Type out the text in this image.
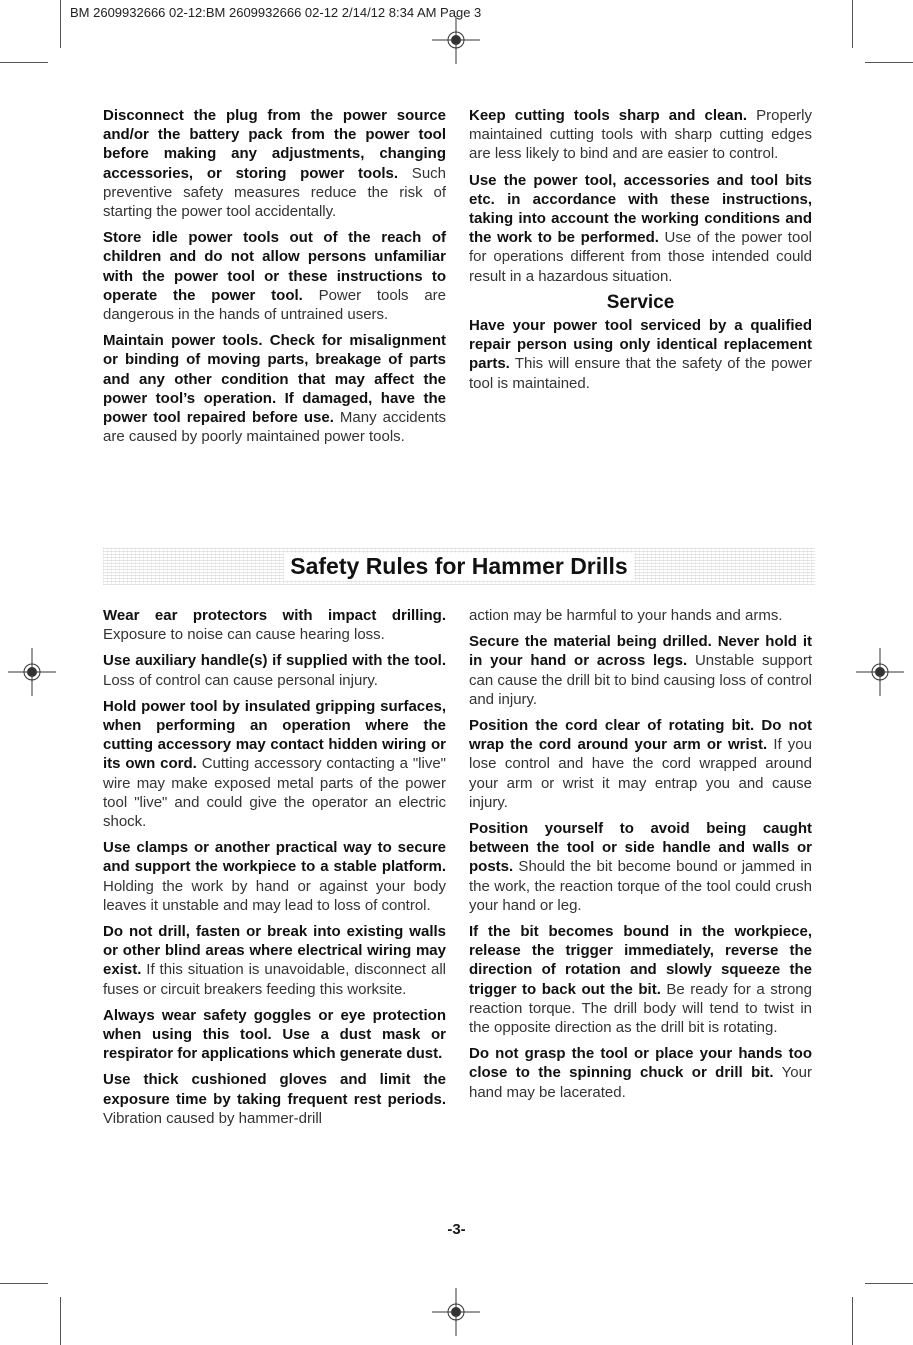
BM 2609932666 02-12:BM 2609932666 02-12 2/14/12 8:34 AM Page 3

Disconnect the plug from the power source and/or the battery pack from the power tool before making any adjustments, changing accessories, or storing power tools. Such preventive safety measures reduce the risk of starting the power tool accidentally.

Store idle power tools out of the reach of children and do not allow persons unfamiliar with the power tool or these instructions to operate the power tool. Power tools are dangerous in the hands of untrained users.

Maintain power tools. Check for misalignment or binding of moving parts, breakage of parts and any other condition that may affect the power tool’s operation. If damaged, have the power tool repaired before use. Many accidents are caused by poorly maintained power tools.

Keep cutting tools sharp and clean. Properly maintained cutting tools with sharp cutting edges are less likely to bind and are easier to control.

Use the power tool, accessories and tool bits etc. in accordance with these instructions, taking into account the working conditions and the work to be performed. Use of the power tool for operations different from those intended could result in a hazardous situation.

Service

Have your power tool serviced by a qualified repair person using only identical replacement parts. This will ensure that the safety of the power tool is maintained.

Safety Rules for Hammer Drills

Wear ear protectors with impact drilling. Exposure to noise can cause hearing loss.

Use auxiliary handle(s) if supplied with the tool. Loss of control can cause personal injury.

Hold power tool by insulated gripping surfaces, when performing an operation where the cutting accessory may contact hidden wiring or its own cord. Cutting accessory contacting a "live" wire may make exposed metal parts of the power tool "live" and could give the operator an electric shock.

Use clamps or another practical way to secure and support the workpiece to a stable platform. Holding the work by hand or against your body leaves it unstable and may lead to loss of control.

Do not drill, fasten or break into existing walls or other blind areas where electrical wiring may exist. If this situation is unavoidable, disconnect all fuses or circuit breakers feeding this worksite.

Always wear safety goggles or eye protection when using this tool. Use a dust mask or respirator for applications which generate dust.

Use thick cushioned gloves and limit the exposure time by taking frequent rest periods. Vibration caused by hammer-drill

action may be harmful to your hands and arms.

Secure the material being drilled. Never hold it in your hand or across legs. Unstable support can cause the drill bit to bind causing loss of control and injury.

Position the cord clear of rotating bit. Do not wrap the cord around your arm or wrist. If you lose control and have the cord wrapped around your arm or wrist it may entrap you and cause injury.

Position yourself to avoid being caught between the tool or side handle and walls or posts. Should the bit become bound or jammed in the work, the reaction torque of the tool could crush your hand or leg.

If the bit becomes bound in the workpiece, release the trigger immediately, reverse the direction of rotation and slowly squeeze the trigger to back out the bit. Be ready for a strong reaction torque. The drill body will tend to twist in the opposite direction as the drill bit is rotating.

Do not grasp the tool or place your hands too close to the spinning chuck or drill bit. Your hand may be lacerated.

-3-
